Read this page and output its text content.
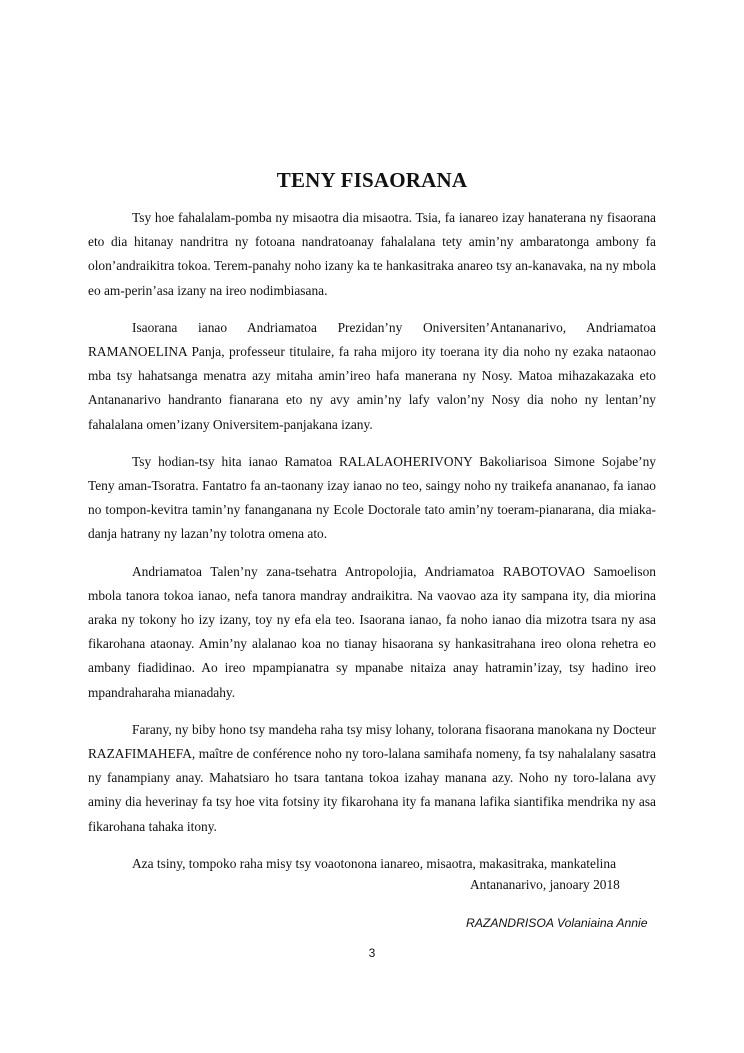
TENY FISAORANA

Tsy hoe fahalalam-pomba ny misaotra dia misaotra. Tsia, fa ianareo izay hanaterana ny fisaorana eto dia hitanay nandritra ny fotoana nandratoanay fahalalana tety amin’ny ambaratonga ambony fa olon’andraikitra tokoa. Terem-panahy noho izany ka te hankasitraka anareo tsy an-kanavaka, na ny mbola eo am-perin’asa izany na ireo nodimbiasana.

Isaorana ianao Andriamatoa Prezidan’ny Oniversiten’Antananarivo, Andriamatoa RAMANOELINA Panja, professeur titulaire, fa raha mijoro ity toerana ity dia noho ny ezaka nataonao mba tsy hahatsanga menatra azy mitaha amin’ireo hafa manerana ny Nosy. Matoa mihazakazaka eto Antananarivo handranto fianarana eto ny avy amin’ny lafy valon’ny Nosy dia noho ny lentan’ny fahalalana omen’izany Oniversitem-panjakana izany.

Tsy hodian-tsy hita ianao Ramatoa RALALAOHERIVONY Bakoliarisoa Simone Sojabe’ny Teny aman-Tsoratra. Fantatro fa an-taonany izay ianao no teo, saingy noho ny traikefa anananao, fa ianao no tompon-kevitra tamin’ny fananganana ny Ecole Doctorale tato amin’ny toeram-pianarana, dia miaka-danja hatrany ny lazan’ny tolotra omena ato.

Andriamatoa Talen’ny zana-tsehatra Antropolojia, Andriamatoa RABOTOVAO Samoelison mbola tanora tokoa ianao, nefa tanora mandray andraikitra. Na vaovao aza ity sampana ity, dia miorina araka ny tokony ho izy izany, toy ny efa ela teo. Isaorana ianao, fa noho ianao dia mizotra tsara ny asa fikarohana ataonay. Amin’ny alalanao koa no tianay hisaorana sy hankasitrahana ireo olona rehetra eo ambany fiadidinao. Ao ireo mpampianatra sy mpanabe nitaiza anay hatramin’izay, tsy hadino ireo mpandraharaha mianadahy.

Farany, ny biby hono tsy mandeha raha tsy misy lohany, tolorana fisaorana manokana ny Docteur RAZAFIMAHEFA, maître de conférence noho ny toro-lalana samihafa nomeny, fa tsy nahalalany sasatra ny fanampiany anay. Mahatsiaro ho tsara tantana tokoa izahay manana azy. Noho ny toro-lalana avy aminy dia heverinay fa tsy hoe vita fotsiny ity fikarohana ity fa manana lafika siantifika mendrika ny asa fikarohana tahaka itony.

Aza tsiny, tompoko raha misy tsy voaotonona ianareo, misaotra, makasitraka, mankatelina

Antananarivo, janoary 2018
RAZANDRISOA Volaniaina Annie
3
